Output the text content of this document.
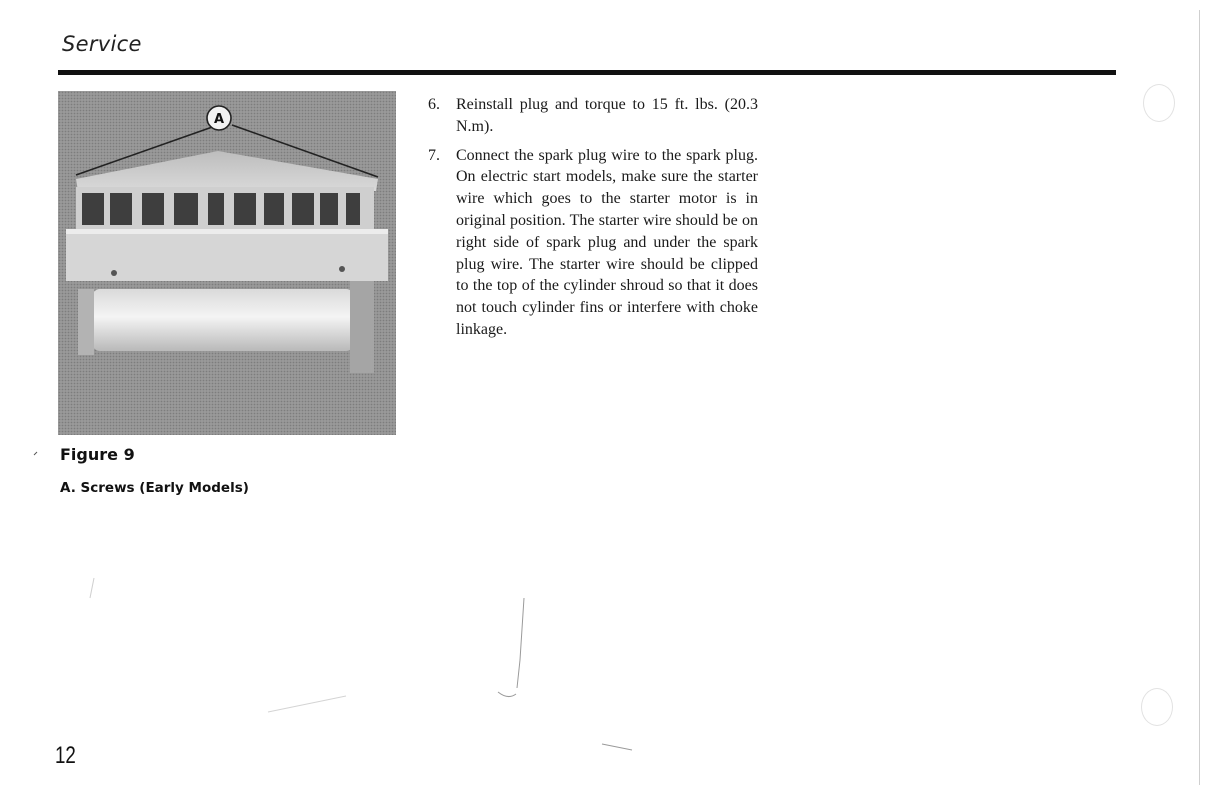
Service
A
Figure 9
A. Screws (Early Models)
6. Reinstall plug and torque to 15 ft. lbs. (20.3 N.m).
7. Connect the spark plug wire to the spark plug. On electric start models, make sure the starter wire which goes to the starter motor is in original position. The starter wire should be on right side of spark plug and under the spark plug wire. The starter wire should be clipped to the top of the cylinder shroud so that it does not touch cylinder fins or interfere with choke linkage.
12
